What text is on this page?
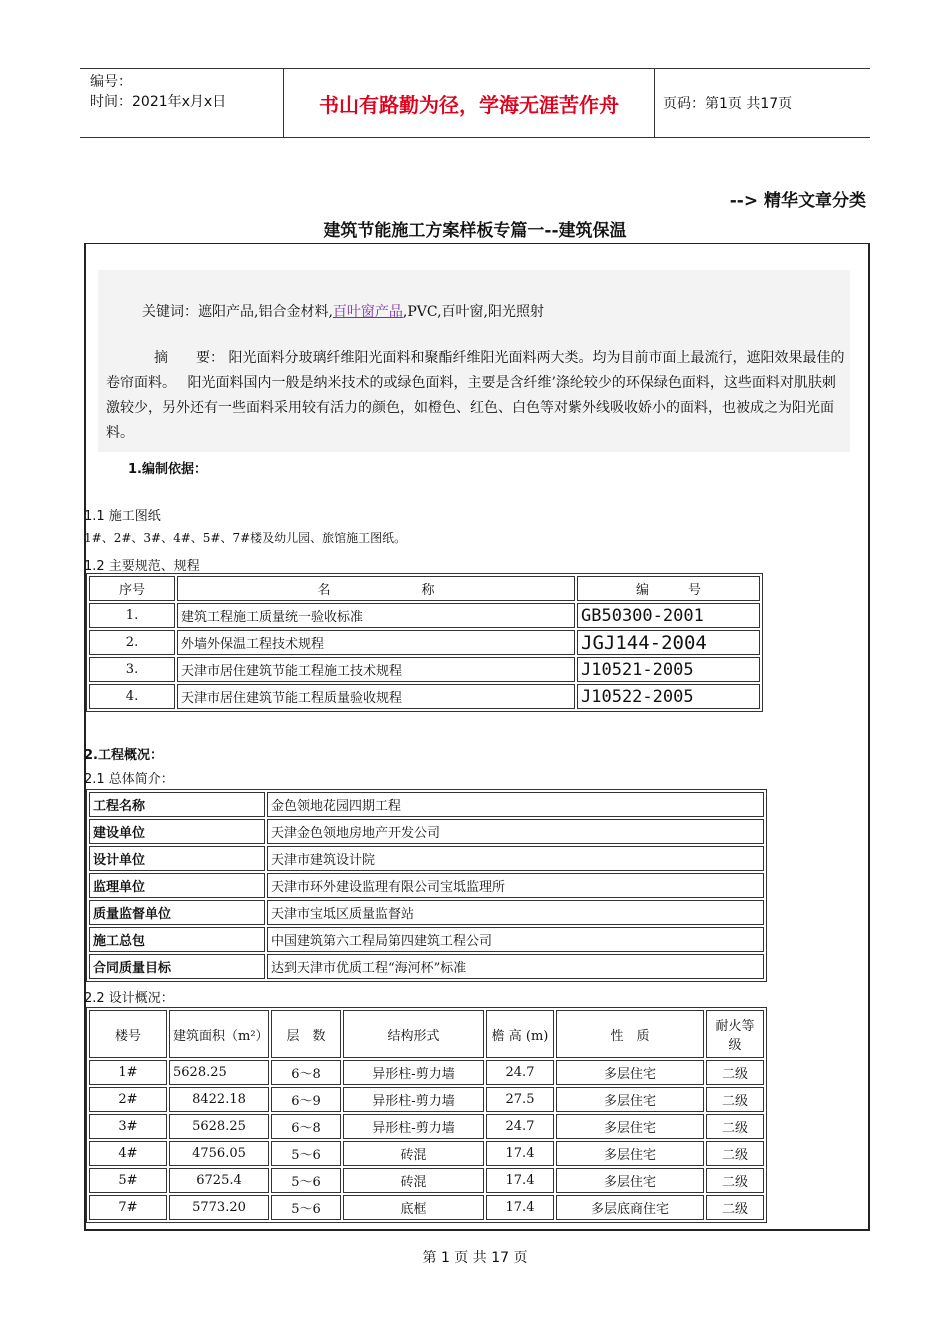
编号：
时间：2021年x月x日	书山有路勤为径，学海无涯苦作舟	页码：第1页 共17页
--> 精华文章分类
建筑节能施工方案样板专篇一--建筑保温
关键词：遮阳产品,铝合金材料,百叶窗产品,PVC,百叶窗,阳光照射
摘　　要： 阳光面料分玻璃纤维阳光面料和聚酯纤维阳光面料两大类。均为目前市面上最流行，遮阳效果最佳的卷帘面料。　 阳光面料国内一般是纳米技术的或绿色面料，主要是含纤维’涤纶较少的环保绿色面料，这些面料对肌肤刺激较少，另外还有一些面料采用较有活力的颜色，如橙色、红色、白色等对紫外线吸收娇小的面料，也被成之为阳光面料。
1.编制依据：
1.1 施工图纸
1#、2#、3#、4#、5#、7#楼及幼儿园、旅馆施工图纸。
1.2 主要规范、规程
序号	名　　　　　　　称	编　　　号
1.	建筑工程施工质量统一验收标准	GB50300-2001
2.	外墙外保温工程技术规程	JGJ144-2004
3.	天津市居住建筑节能工程施工技术规程	J10521-2005
4.	天津市居住建筑节能工程质量验收规程	J10522-2005
2.工程概况：
2.1 总体简介：
工程名称	金色领地花园四期工程
建设单位	天津金色领地房地产开发公司
设计单位	天津市建筑设计院
监理单位	天津市环外建设监理有限公司宝坻监理所
质量监督单位	天津市宝坻区质量监督站
施工总包	中国建筑第六工程局第四建筑工程公司
合同质量目标	达到天津市优质工程“海河杯”标准
2.2 设计概况：
楼号	建筑面积（m²）	层　数	结构形式	檐 高 (m)	性　质	耐火等级
1#	5628.25	6～8	异形柱-剪力墙	24.7	多层住宅	二级
2#	8422.18	6～9	异形柱-剪力墙	27.5	多层住宅	二级
3#	5628.25	6～8	异形柱-剪力墙	24.7	多层住宅	二级
4#	4756.05	5～6	砖混	17.4	多层住宅	二级
5#	6725.4	5～6	砖混	17.4	多层住宅	二级
7#	5773.20	5～6	底框	17.4	多层底商住宅	二级
第 1 页 共 17 页
